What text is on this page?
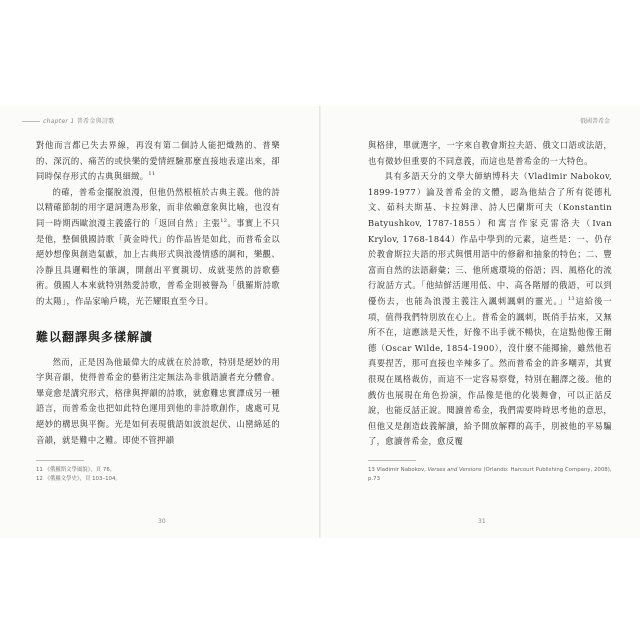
chapter 1 普希金與詩歌

對他而言都已失去界線，再沒有第二個詩人能把熾熱的、普樂的、深沉的、痛苦的或快樂的愛情經驗那麼直接地表達出來，卻同時保存形式的古典與細緻。$^{11}$

的確，普希金擺脫浪漫，但他仍然根植於古典主義。他的詩以精確節制的用字還詞選為形象，而非依賴意象與比喻，也沒有同一時期西歐浪漫主義盛行的「返回自然」主張$^{12}$。事實上不只是他，整個俄國詩歌「黃金時代」的作品皆是如此，而普希金以絕妙想像與創造氣獻，加上古典形式與浪漫情感的調和，樂觀、冷靜且具邏輯性的筆調，開創出平實親切、成就斐然的詩歌藝術。俄國人本來就特別熱愛詩歌，普希金則被譽為「俄羅斯詩歌的太陽」，作品家喻戶曉，光芒耀眼直至今日。

難以翻譯與多樣解讀

然而，正是因為他最偉大的成就在於詩歌，特別是絕妙的用字與音韻，使得普希金的藝術注定無法為非俄語讀者充分體會。畢竟愈是講究形式，格律與押韻的詩歌，就愈難忠實譯成另一種語言，而普希金也把如此特色運用到他的非詩歌創作，處處可見絕妙的構思與平衡。光是如何表現俄語如波浪起伏、山巒綿延的音韻，就是難中之難。即使不管押韻

11 《俄羅斯文學風貌》，頁 76。

12 《俄羅文學史》，頁 103–104。

30
俄國普希金

與格律，單就選字，一字來自教會斯拉夫語、俄文口語或法語，也有微妙但重要的不同意義，而這也是普希金的一大特色。

具有多語天分的文學大師納博科夫（Vladimir Nabokov, 1899-1977）論及普希金的文體，認為他結合了所有從德札文、茹科夫斯基、卡拉姆津、詩人巴蘭斯可夫（Konstantin Batyushkov, 1787-1855）和寓言作家克雷洛夫（Ivan Krylov, 1768-1844）作品中學到的元素，這些是：一、仍存於教會斯拉夫語的形式與慣用語中的修辭和抽象的特色；二、豐富而自然的法語辭彙；三、他所處環境的俗語；四、風格化的流行說話方式。「他結鮮活運用低、中、高各階層的俄語，可以到優伤去，也能為浪漫主義注入諷刺諷刺的靈光。」$^{13}$這給後一項，值得我們特別放在心上。普希金的諷刺，既俏手拈來，又無所不在，這應該是天性，好像不出手就不暢快，在這點他像王爾德（Oscar Wilde, 1854-1900），沒什麼不能揶揄，雖然他若真要捏苦，那可直接也辛辣多了。然而普希金的許多嘲弄，其實很現在風格裁仿，而這不一定容易察覺，特別在翻譯之後。他的戲仿也展現在角色扮演，作品像是他的化裝舞會，可以正話反說，也能反話正說。閱讀普希金，我們需要時時思考他的意思，但他又是創造歧義解讀，給予開放解釋的高手，別被他的平易騙了，愈讀普希金，愈反覆

13 Vladimir Nabokov, Verses and Versions (Orlando: Harcourt Publishing Company, 2008), p.73

31
